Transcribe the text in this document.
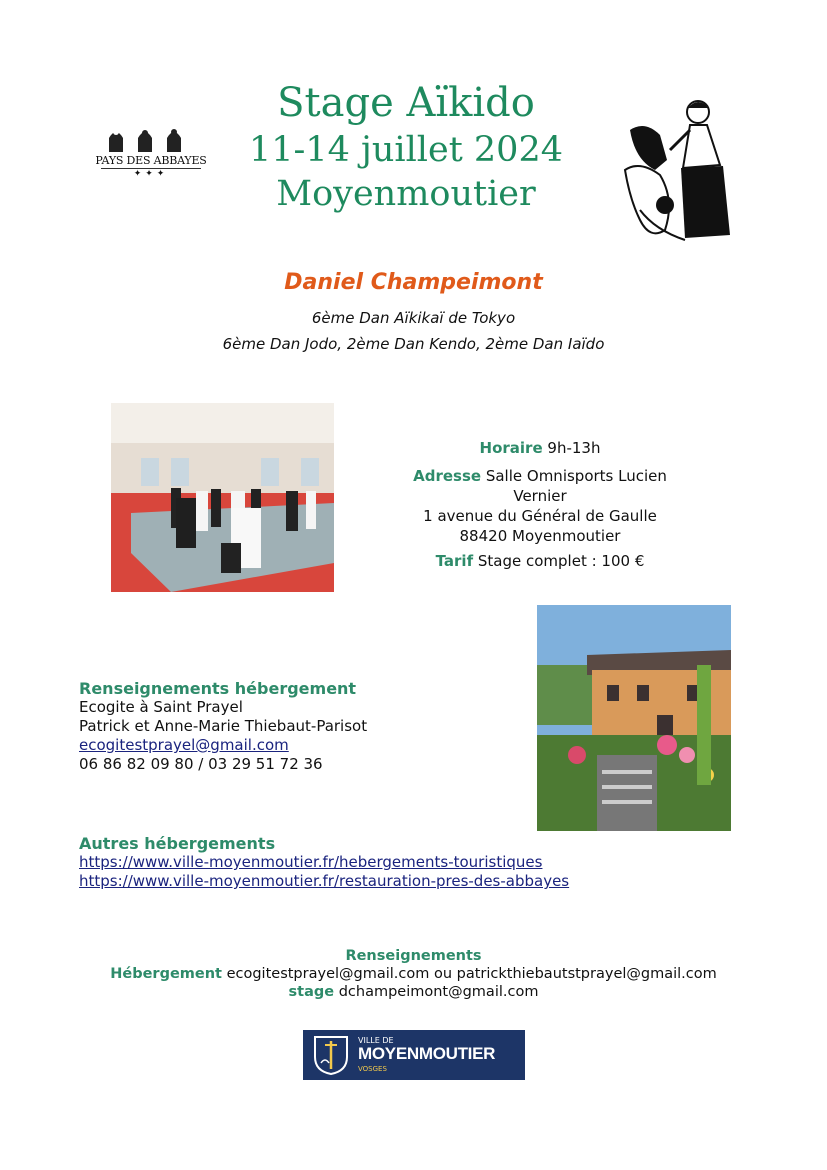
Stage Aïkido
11-14 juillet 2024
Moyenmoutier
PAYS DES ABBAYES
✦✦✦
Daniel Champeimont
6ème Dan Aïkikaï de Tokyo
6ème Dan Jodo, 2ème Dan Kendo, 2ème Dan Iaïdo
Horaire 9h-13h
Adresse Salle Omnisports Lucien
Vernier
1 avenue du Général de Gaulle
88420 Moyenmoutier
Tarif Stage complet : 100 €
Renseignements hébergement
Ecogite à Saint Prayel
Patrick et Anne-Marie Thiebaut-Parisot
ecogitestprayel@gmail.com
06 86 82 09 80 / 03 29 51 72 36
Autres hébergements
https://www.ville-moyenmoutier.fr/hebergements-touristiques
https://www.ville-moyenmoutier.fr/restauration-pres-des-abbayes
Renseignements
Hébergement ecogitestprayel@gmail.com ou patrickthiebautstprayel@gmail.com
stage dchampeimont@gmail.com
VILLE DE
MOYENMOUTIER
VOSGES
